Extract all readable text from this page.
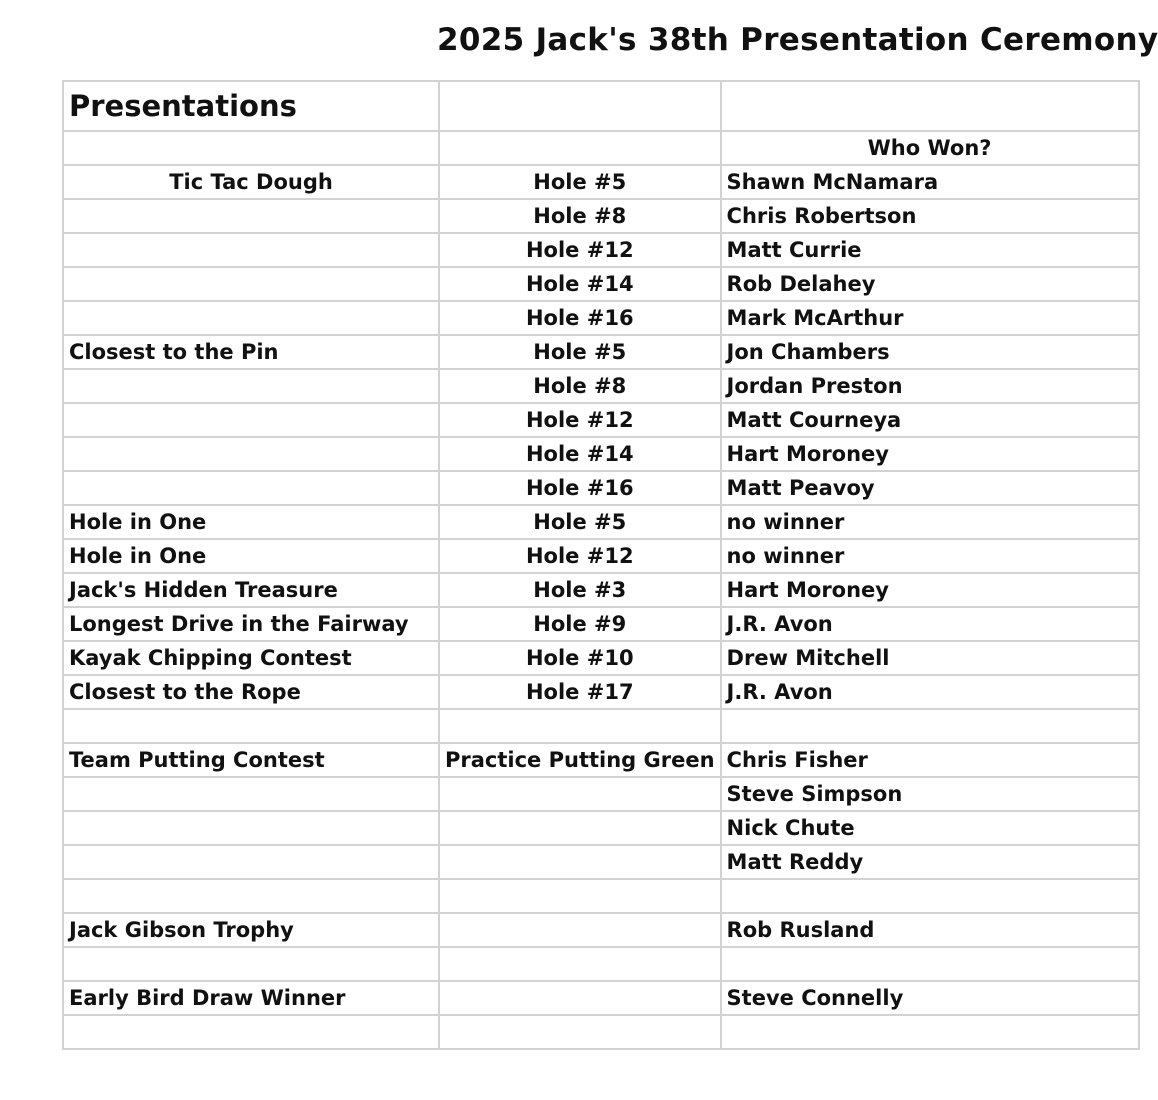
2025 Jack's 38th Presentation Ceremony
Presentations		
		Who Won?
Tic Tac Dough	Hole #5	Shawn McNamara
	Hole #8	Chris Robertson
	Hole #12	Matt Currie
	Hole #14	Rob Delahey
	Hole #16	Mark McArthur
Closest to the Pin	Hole #5	Jon Chambers
	Hole #8	Jordan Preston
	Hole #12	Matt Courneya
	Hole #14	Hart Moroney
	Hole #16	Matt Peavoy
Hole in One	Hole #5	no winner
Hole in One	Hole #12	no winner
Jack's Hidden Treasure	Hole #3	Hart Moroney
Longest Drive in the Fairway	Hole #9	J.R. Avon
Kayak Chipping Contest	Hole #10	Drew Mitchell
Closest to the Rope	Hole #17	J.R. Avon

Team Putting Contest	Practice Putting Green	Chris Fisher
		Steve Simpson
		Nick Chute
		Matt Reddy

Jack Gibson Trophy		Rob Rusland

Early Bird Draw Winner		Steve Connelly
